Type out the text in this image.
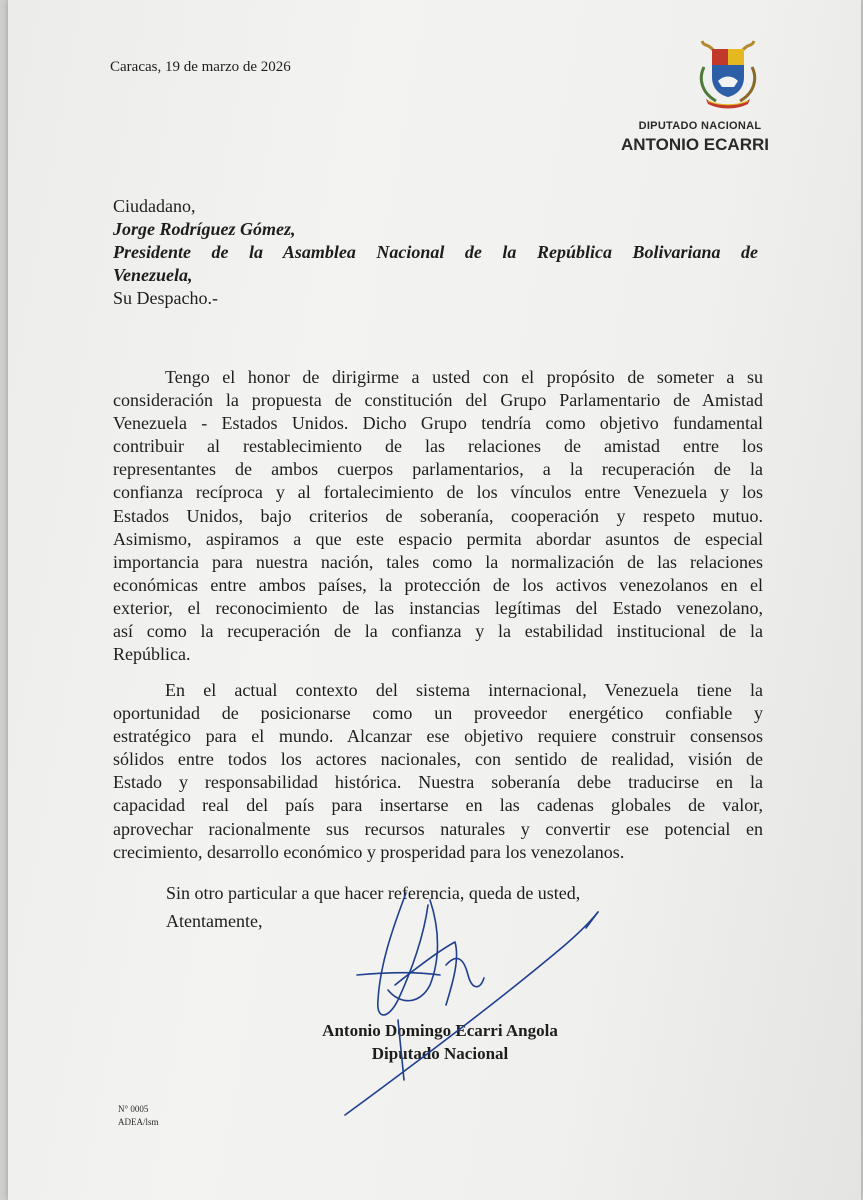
Caracas, 19 de marzo de 2026
DIPUTADO NACIONAL
ANTONIO ECARRI
Ciudadano,
Jorge Rodríguez Gómez,
Presidente de la Asamblea Nacional de la República Bolivariana de
Venezuela,
Su Despacho.-
Tengo el honor de dirigirme a usted con el propósito de someter a su
consideración la propuesta de constitución del Grupo Parlamentario de Amistad
Venezuela - Estados Unidos. Dicho Grupo tendría como objetivo fundamental
contribuir al restablecimiento de las relaciones de amistad entre los
representantes de ambos cuerpos parlamentarios, a la recuperación de la
confianza recíproca y al fortalecimiento de los vínculos entre Venezuela y los
Estados Unidos, bajo criterios de soberanía, cooperación y respeto mutuo.
Asimismo, aspiramos a que este espacio permita abordar asuntos de especial
importancia para nuestra nación, tales como la normalización de las relaciones
económicas entre ambos países, la protección de los activos venezolanos en el
exterior, el reconocimiento de las instancias legítimas del Estado venezolano,
así como la recuperación de la confianza y la estabilidad institucional de la
República.
En el actual contexto del sistema internacional, Venezuela tiene la
oportunidad de posicionarse como un proveedor energético confiable y
estratégico para el mundo. Alcanzar ese objetivo requiere construir consensos
sólidos entre todos los actores nacionales, con sentido de realidad, visión de
Estado y responsabilidad histórica. Nuestra soberanía debe traducirse en la
capacidad real del país para insertarse en las cadenas globales de valor,
aprovechar racionalmente sus recursos naturales y convertir ese potencial en
crecimiento, desarrollo económico y prosperidad para los venezolanos.
Sin otro particular a que hacer referencia, queda de usted,
Atentamente,
Antonio Domingo Ecarri Angola
Diputado Nacional
N° 0005
ADEA/lsm
